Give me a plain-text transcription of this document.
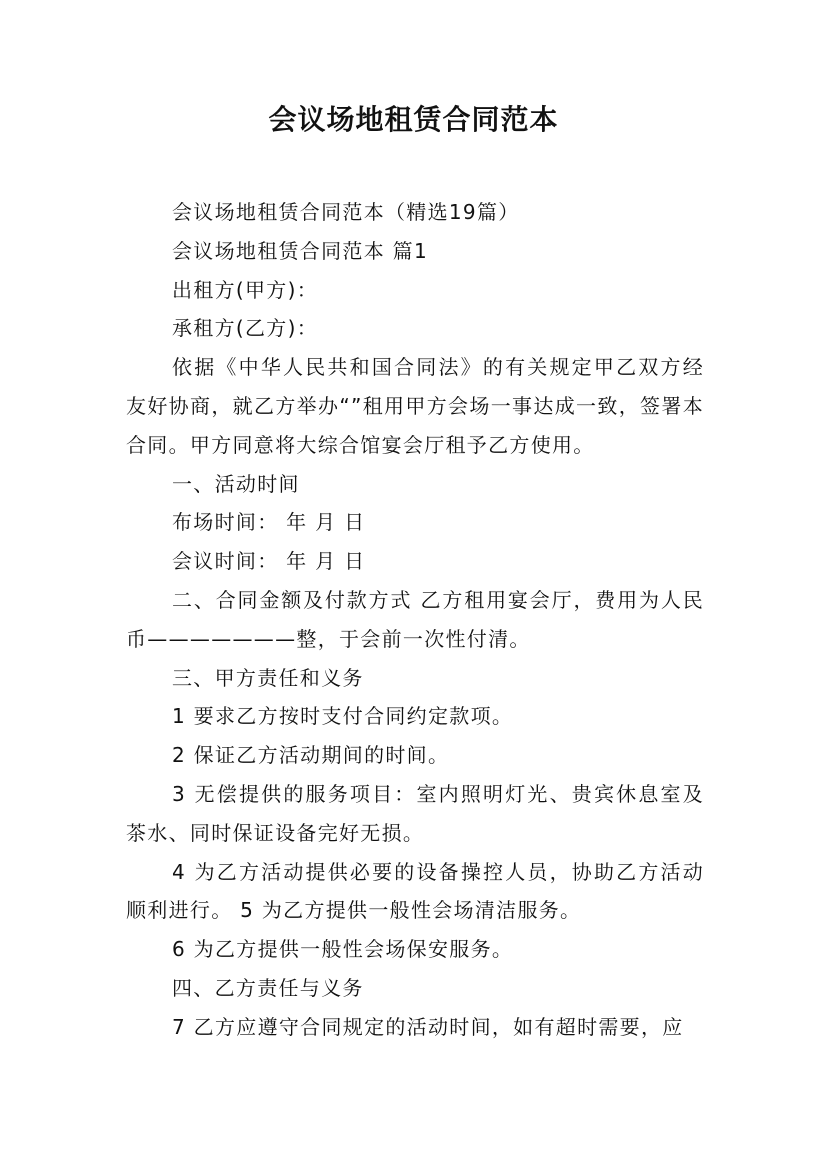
会议场地租赁合同范本

会议场地租赁合同范本（精选19篇）

会议场地租赁合同范本 篇1

出租方(甲方)：

承租方(乙方)：

依据《中华人民共和国合同法》的有关规定甲乙双方经友好协商，就乙方举办“”租用甲方会场一事达成一致，签署本合同。甲方同意将大综合馆宴会厅租予乙方使用。

一、活动时间

布场时间： 年 月 日

会议时间： 年 月 日

二、合同金额及付款方式 乙方租用宴会厅，费用为人民币———————整，于会前一次性付清。

三、甲方责任和义务

1 要求乙方按时支付合同约定款项。

2 保证乙方活动期间的时间。

3 无偿提供的服务项目：室内照明灯光、贵宾休息室及茶水、同时保证设备完好无损。

4 为乙方活动提供必要的设备操控人员，协助乙方活动顺利进行。 5 为乙方提供一般性会场清洁服务。

6 为乙方提供一般性会场保安服务。

四、乙方责任与义务

7 乙方应遵守合同规定的活动时间，如有超时需要，应
